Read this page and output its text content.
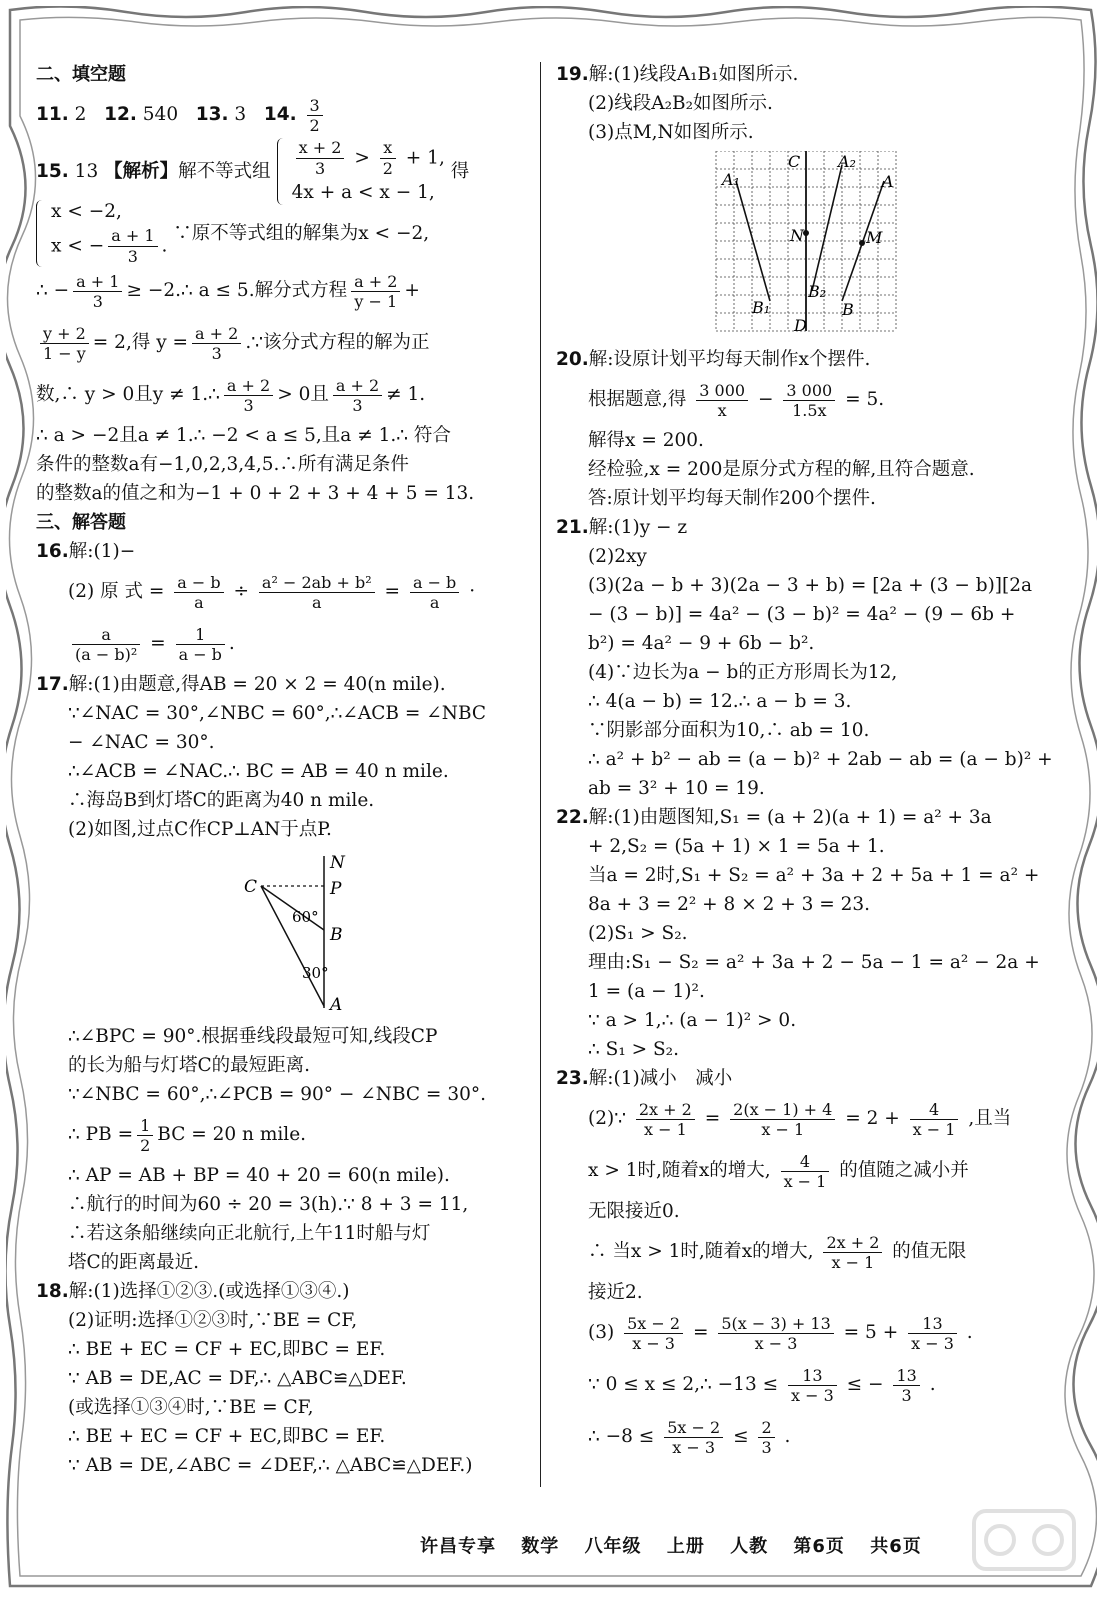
二、填空题
11. 2 12. 540 13. 3 14. $\frac{3}{2}$
15.
13
【解析】 解不等式组 $\frac{x + 2}{3} > \frac{x}{2} + 1$,
4x + a < x − 1,

得
x < −2,
x < − $\frac{a + 1}{3}$ .

∵原不等式组的解集为x < −2,
∴ − $\frac{a + 1}{3}$ ≥ −2.∴ a ≤ 5.解分式方程 $\frac{a + 2}{y - 1}$ +
$\frac{y + 2}{1 - y} = 2$,得 $y = \frac{a + 2}{3}$ .∵该分式方程的解为正
数,∴ y > 0且y ≠ 1.∴ $\frac{a + 2}{3} > 0$且 $\frac{a + 2}{3} \ne 1$.
∴ a > −2且a ≠ 1.∴ −2 < a ≤ 5,且a ≠ 1.∴ 符合
条件的整数a有−1,0,2,3,4,5.∴所有满足条件
的整数a的值之和为−1 + 0 + 2 + 3 + 4 + 5 = 13.
三、解答题
16.解:(1)−
(2) 原 式 = $\frac{a - b}{a} \div \frac{\text{a² − 2ab + b²}}{a} = \frac{a - b}{a}$ ·
$\frac{a}{\text{(a − b)²}} = \frac{1}{a - b}$ .
17.解:(1)由题意,得AB = 20 × 2 = 40(n mile).
∵∠NAC = 30°,∠NBC = 60°,∴∠ACB = ∠NBC
− ∠NAC = 30°.
∴∠ACB = ∠NAC.∴ BC = AB = 40 n mile.
∴海岛B到灯塔C的距离为40 n mile.
(2)如图,过点C作CP⊥AN于点P.
N
P
C
B
A
60°
30°
∴∠BPC = 90°.根据垂线段最短可知,线段CP
的长为船与灯塔C的最短距离.
∵∠NBC = 60°,∴∠PCB = 90° − ∠NBC = 30°.
∴ PB = $\frac{1}{2}$ BC = 20 n mile.
∴ AP = AB + BP = 40 + 20 = 60(n mile).
∴航行的时间为60 ÷ 20 = 3(h).∵ 8 + 3 = 11,
∴若这条船继续向正北航行,上午11时船与灯
塔C的距离最近.
18.解:(1)选择①②③.(或选择①③④.)
(2)证明:选择①②③时,∵BE = CF,
∴ BE + EC = CF + EC,即BC = EF.
∵ AB = DE,AC = DF,∴ △ABC≌△DEF.
(或选择①③④时,∵BE = CF,
∴ BE + EC = CF + EC,即BC = EF.
∵ AB = DE,∠ABC = ∠DEF,∴ △ABC≌△DEF.)
19.解:(1)线段A₁B₁如图所示.
(2)线段A₂B₂如图所示.
(3)点M,N如图所示.
C A₂
A₁	A
N	M
B₂
B₁	B
D
20.解:设原计划平均每天制作x个摆件.
根据题意,得 $\frac{3 000}{x} - \frac{3 000}{1.5x} = 5$.
解得x = 200.
经检验,x = 200是原分式方程的解,且符合题意.
答:原计划平均每天制作200个摆件.
21.解:(1)y − z
(2)2xy
(3)(2a − b + 3)(2a − 3 + b) = [2a + (3 − b)][2a
− (3 − b)] = 4a² − (3 − b)² = 4a² − (9 − 6b +
b²) = 4a² − 9 + 6b − b².
(4)∵边长为a − b的正方形周长为12,
∴ 4(a − b) = 12.∴ a − b = 3.
∵阴影部分面积为10,∴ ab = 10.
∴ a² + b² − ab = (a − b)² + 2ab − ab = (a − b)² +
ab = 3² + 10 = 19.
22.解:(1)由题图知,S₁ = (a + 2)(a + 1) = a² + 3a
+ 2,S₂ = (5a + 1) × 1 = 5a + 1.
当a = 2时,S₁ + S₂ = a² + 3a + 2 + 5a + 1 = a² +
8a + 3 = 2² + 8 × 2 + 3 = 23.
(2)S₁ > S₂.
理由:S₁ − S₂ = a² + 3a + 2 − 5a − 1 = a² − 2a +
1 = (a − 1)².
∵ a > 1,∴ (a − 1)² > 0.
∴ S₁ > S₂.
23.解:(1)减小　减小
(2)∵ $\frac{2x + 2}{x - 1} = \frac{2(x - 1) + 4}{x - 1} = 2 + \frac{4}{x - 1}$ ,且当
x > 1时,随着x的增大, $\frac{4}{x - 1}$ 的值随之减小并
无限接近0.
∴ 当x > 1时,随着x的增大, $\frac{2x + 2}{x - 1}$ 的值无限
接近2.
$(3) \frac{5x - 2}{x - 3} = \frac{5(x - 3) + 13}{x - 3} = 5 + \frac{13}{x - 3}$ .
∵ 0 ≤ x ≤ 2,∴ $-13 \le \frac{13}{x - 3}$ ≤ − $\frac{13}{3}$ .
∴ $-8 \le \frac{5x - 2}{x - 3} \le \frac{2}{3}$ .
许昌专享 数学 八年级 上册 人教 第6页 共6页
